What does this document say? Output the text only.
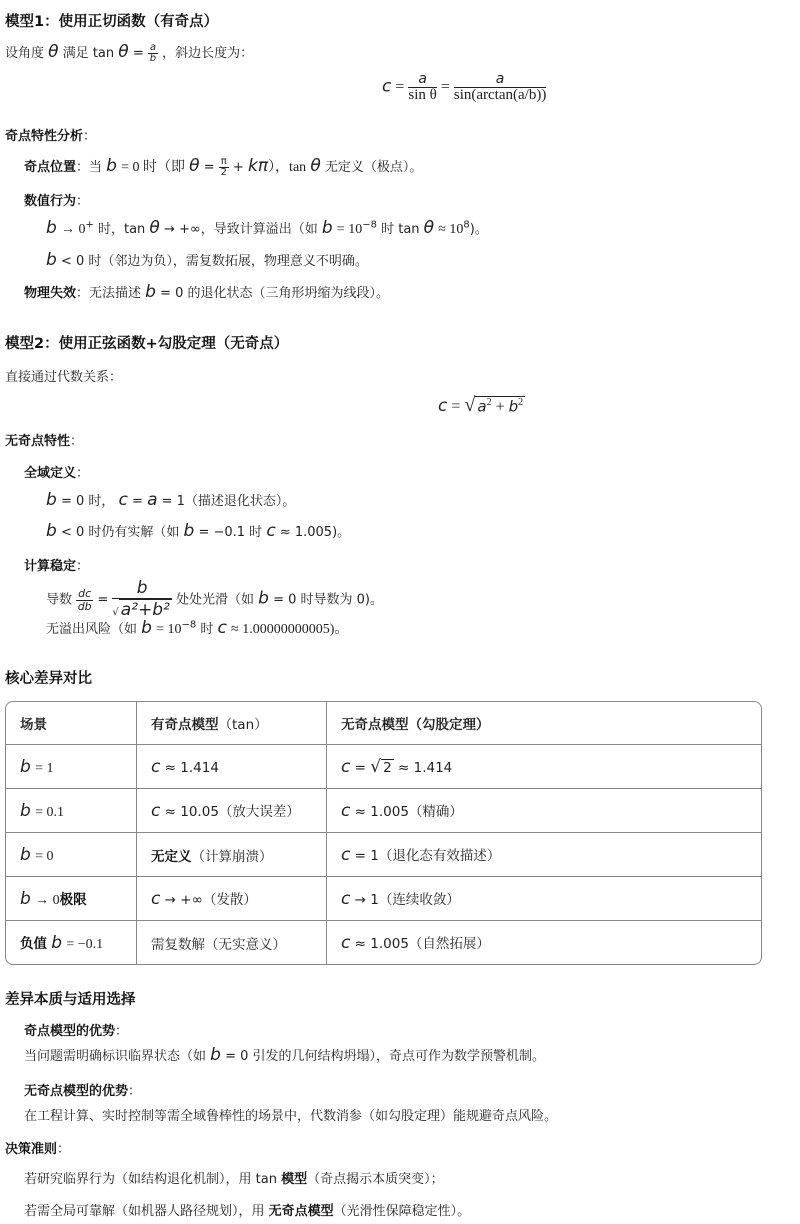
模型1：使用正切函数（有奇点）
设角度 θ 满足 $\tan \theta = \frac{a}{b}$ ，斜边长度为：
$c = \frac{a}{\text{sin θ}} = \frac{a}{\sin(\arctan(a/b))}$
奇点特性分析：
奇点位置：当 b = 0 时（即 $\theta = \frac{\pi}{2} + k\pi$），tan θ 无定义（极点）。
数值行为：
b → 0+ 时，tan θ → +∞，导致计算溢出（如 $b = 10^{-8}$ 时 $\tan \theta \approx 10^8$)。
b < 0 时（邻边为负），需复数拓展，物理意义不明确。
物理失效：无法描述 b = 0 的退化状态（三角形坍缩为线段）。
模型2：使用正弦函数+勾股定理（无奇点）
直接通过代数关系：
c = √ $a^2 + b^2$
无奇点特性：
全域定义：
b = 0 时， c = a = 1（描述退化状态）。
b < 0 时仍有实解（如 b = −0.1 时 c ≈ 1.005)。
计算稳定：
导数 $\frac{dc}{db} = \frac{b}{\text{√ a²+b²}}$ 处处光滑（如 b = 0 时导数为 0)。
无溢出风险（如 $b = 10^{-8}$ 时 c ≈ 1.00000000005)。
核心差异对比
场景	有奇点模型（tan）	无奇点模型（勾股定理）
b = 1	c ≈ 1.414	c = √ 2 ≈ 1.414
b = 0.1	c ≈ 10.05（放大误差）	c ≈ 1.005（精确）
b = 0	无定义（计算崩溃）	c = 1（退化态有效描述）
b → 0极限	c → +∞（发散）	c → 1（连续收敛）
负值 b = −0.1	需复数解（无实意义）	c ≈ 1.005（自然拓展）
差异本质与适用选择
奇点模型的优势：
当问题需明确标识临界状态（如 b = 0 引发的几何结构坍塌），奇点可作为数学预警机制。
无奇点模型的优势：
在工程计算、实时控制等需全域鲁棒性的场景中，代数消参（如勾股定理）能规避奇点风险。
决策准则：
若研究临界行为（如结构退化机制），用 tan 模型（奇点揭示本质突变）；
若需全局可靠解（如机器人路径规划），用 无奇点模型（光滑性保障稳定性）。
